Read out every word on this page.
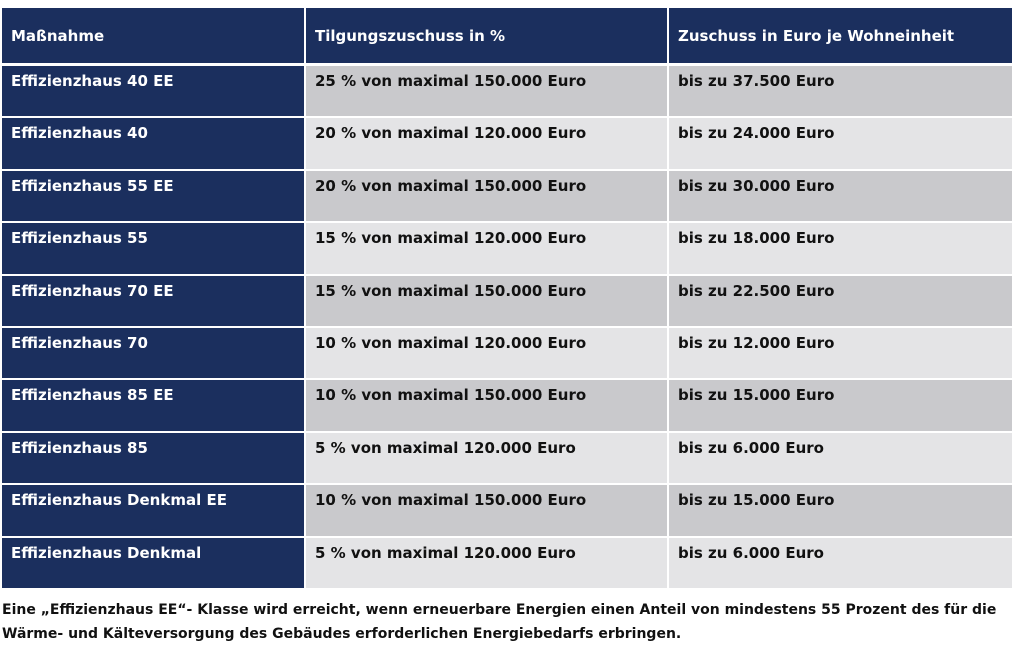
Maßnahme	Tilgungszuschuss in %	Zuschuss in Euro je Wohneinheit
Effizienzhaus 40 EE	25 % von maximal 150.000 Euro	bis zu 37.500 Euro
Effizienzhaus 40	20 % von maximal 120.000 Euro	bis zu 24.000 Euro
Effizienzhaus 55 EE	20 % von maximal 150.000 Euro	bis zu 30.000 Euro
Effizienzhaus 55	15 % von maximal 120.000 Euro	bis zu 18.000 Euro
Effizienzhaus 70 EE	15 % von maximal 150.000 Euro	bis zu 22.500 Euro
Effizienzhaus 70	10 % von maximal 120.000 Euro	bis zu 12.000 Euro
Effizienzhaus 85 EE	10 % von maximal 150.000 Euro	bis zu 15.000 Euro
Effizienzhaus 85	5 % von maximal 120.000 Euro	bis zu 6.000 Euro
Effizienzhaus Denkmal EE	10 % von maximal 150.000 Euro	bis zu 15.000 Euro
Effizienzhaus Denkmal	5 % von maximal 120.000 Euro	bis zu 6.000 Euro
Eine „Effizienzhaus EE“- Klasse wird erreicht, wenn erneuerbare Energien einen Anteil von mindestens 55 Prozent des für die Wärme- und Kälteversorgung des Gebäudes erforderlichen Energiebedarfs erbringen.
